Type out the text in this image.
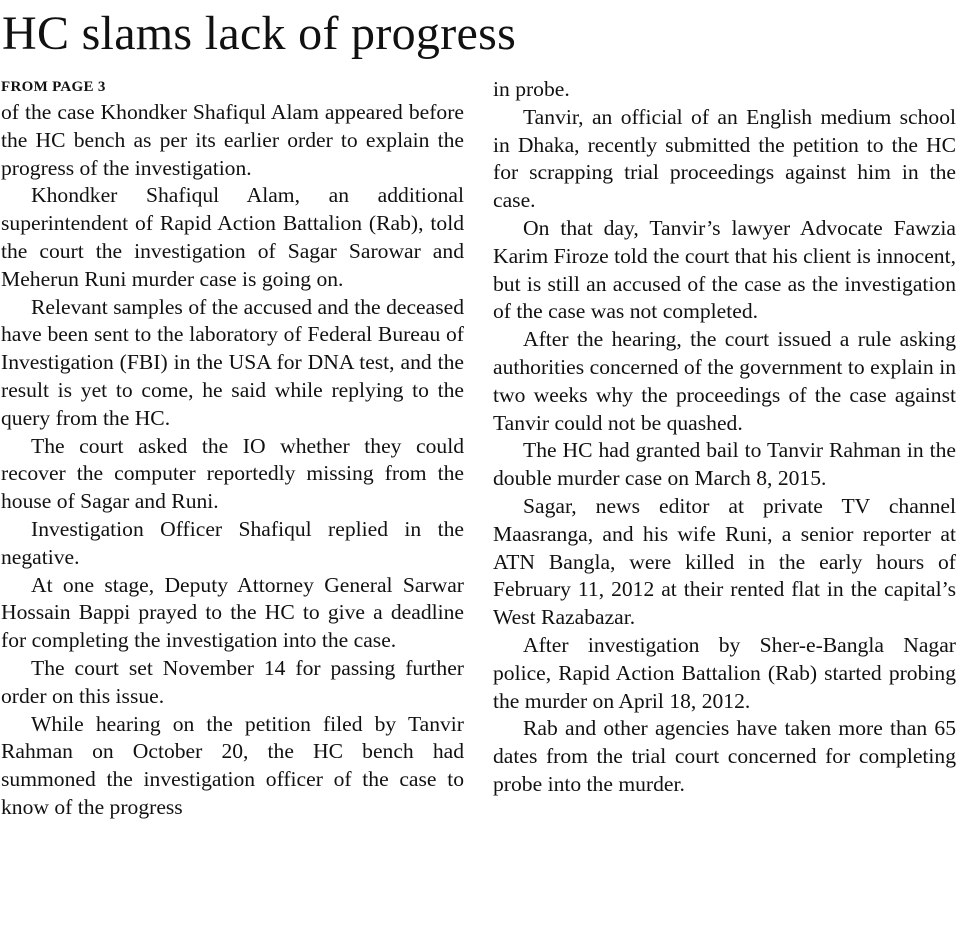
HC slams lack of progress
FROM PAGE 3

of the case Khondker Shafiqul Alam appeared before the HC bench as per its earlier order to explain the progress of the investigation.

Khondker Shafiqul Alam, an additional superintendent of Rapid Action Battalion (Rab), told the court the investigation of Sagar Sarowar and Meherun Runi murder case is going on.

Relevant samples of the accused and the deceased have been sent to the laboratory of Federal Bureau of Investigation (FBI) in the USA for DNA test, and the result is yet to come, he said while replying to the query from the HC.

The court asked the IO whether they could recover the computer reportedly missing from the house of Sagar and Runi.

Investigation Officer Shafiqul replied in the negative.

At one stage, Deputy Attorney General Sarwar Hossain Bappi prayed to the HC to give a deadline for completing the investigation into the case.

The court set November 14 for passing further order on this issue.

While hearing on the petition filed by Tanvir Rahman on October 20, the HC bench had summoned the investigation officer of the case to know of the progress

in probe.

Tanvir, an official of an English medium school in Dhaka, recently submitted the petition to the HC for scrapping trial proceedings against him in the case.

On that day, Tanvir’s lawyer Advocate Fawzia Karim Firoze told the court that his client is innocent, but is still an accused of the case as the investigation of the case was not completed.

After the hearing, the court issued a rule asking authorities concerned of the government to explain in two weeks why the proceedings of the case against Tanvir could not be quashed.

The HC had granted bail to Tanvir Rahman in the double murder case on March 8, 2015.

Sagar, news editor at private TV channel Maasranga, and his wife Runi, a senior reporter at ATN Bangla, were killed in the early hours of February 11, 2012 at their rented flat in the capital’s West Razabazar.

After investigation by Sher-e-Bangla Nagar police, Rapid Action Battalion (Rab) started probing the murder on April 18, 2012.

Rab and other agencies have taken more than 65 dates from the trial court concerned for completing probe into the murder.
